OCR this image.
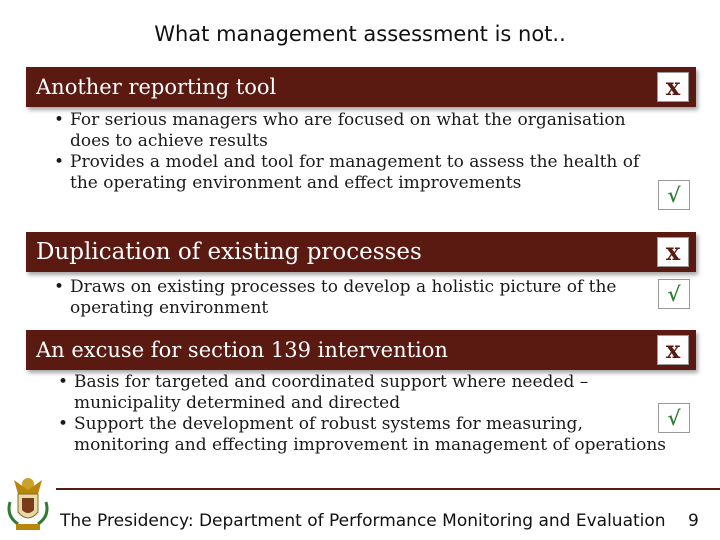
What management assessment is not..
Another reporting tool	x
• For serious managers who are focused on what the organisation does to achieve results
• Provides a model and tool for management to assess the health of the operating environment and effect improvements	√
Duplication of existing processes	x
• Draws on existing processes to develop a holistic picture of the operating environment
√
An excuse for section 139 intervention	x
• Basis for targeted and coordinated support where needed – municipality determined and directed
• Support the development of robust systems for measuring, monitoring and effecting improvement in management of operations
√
The Presidency: Department of Performance Monitoring and Evaluation 9
